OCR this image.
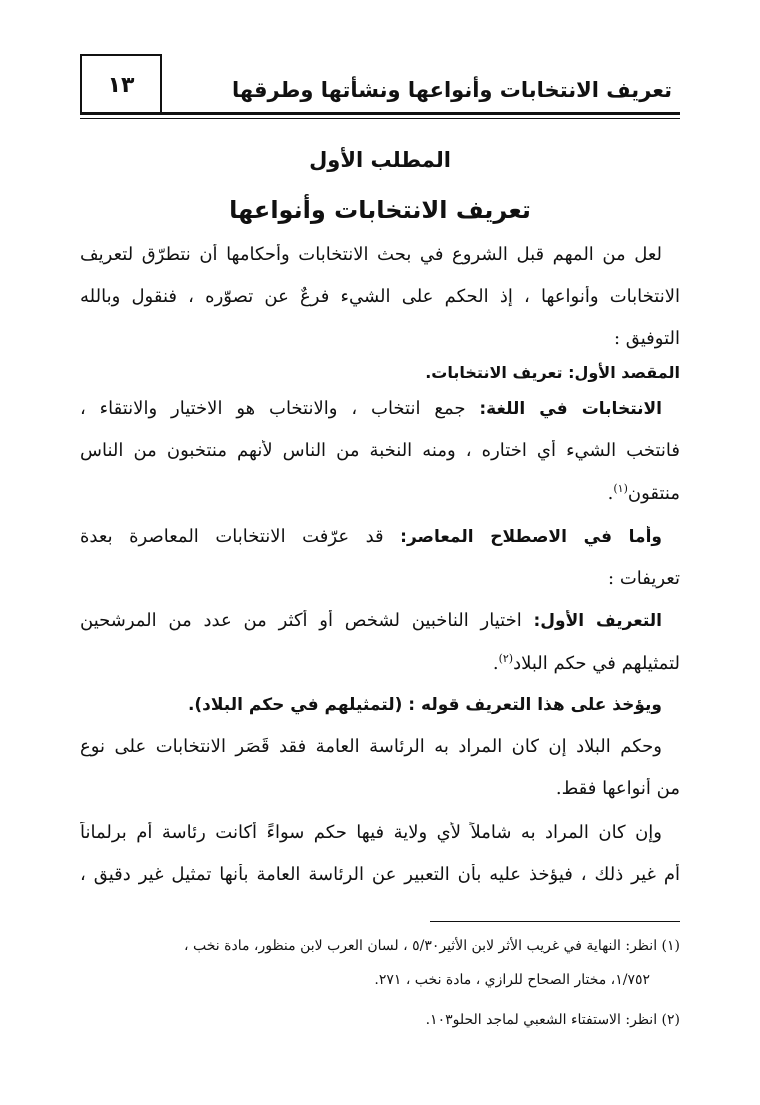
تعريف الانتخابات وأنواعها ونشأتها وطرقها
١٣
المطلب الأول
تعريف الانتخابات وأنواعها
لعل من المهم قبل الشروع في بحث الانتخابات وأحكامها أن نتطرّق لتعريف
الانتخابات وأنواعها ، إذ الحكم على الشيء فرعٌ عن تصوّره ، فنقول وبالله
التوفيق :
المقصد الأول: تعريف الانتخابات.
الانتخابات في اللغة: جمع انتخاب ، والانتخاب هو الاختيار والانتقاء ،
فانتخب الشيء أي اختاره ، ومنه النخبة من الناس لأنهم منتخبون من الناس
منتقون$^{(١)}$.
وأما في الاصطلاح المعاصر: قد عرّفت الانتخابات المعاصرة بعدة
تعريفات :
التعريف الأول: اختيار الناخبين لشخص أو أكثر من عدد من المرشحين
لتمثيلهم في حكم البلاد$^{(٢)}$.
ويؤخذ على هذا التعريف قوله : (لتمثيلهم في حكم البلاد).
وحكم البلاد إن كان المراد به الرئاسة العامة فقد قَصَر الانتخابات على نوع
من أنواعها فقط.
وإن كان المراد به شاملاً لأي ولاية فيها حكم سواءً أكانت رئاسة أم برلماناً
أم غير ذلك ، فيؤخذ عليه بأن التعبير عن الرئاسة العامة بأنها تمثيل غير دقيق ،
(١) انظر: النهاية في غريب الأثر لابن الأثير٥/٣٠ ، لسان العرب لابن منظور، مادة نخب ،
١/٧٥٢، مختار الصحاح للرازي ، مادة نخب ، ٢٧١.
(٢) انظر: الاستفتاء الشعبي لماجد الحلو١٠٣.
